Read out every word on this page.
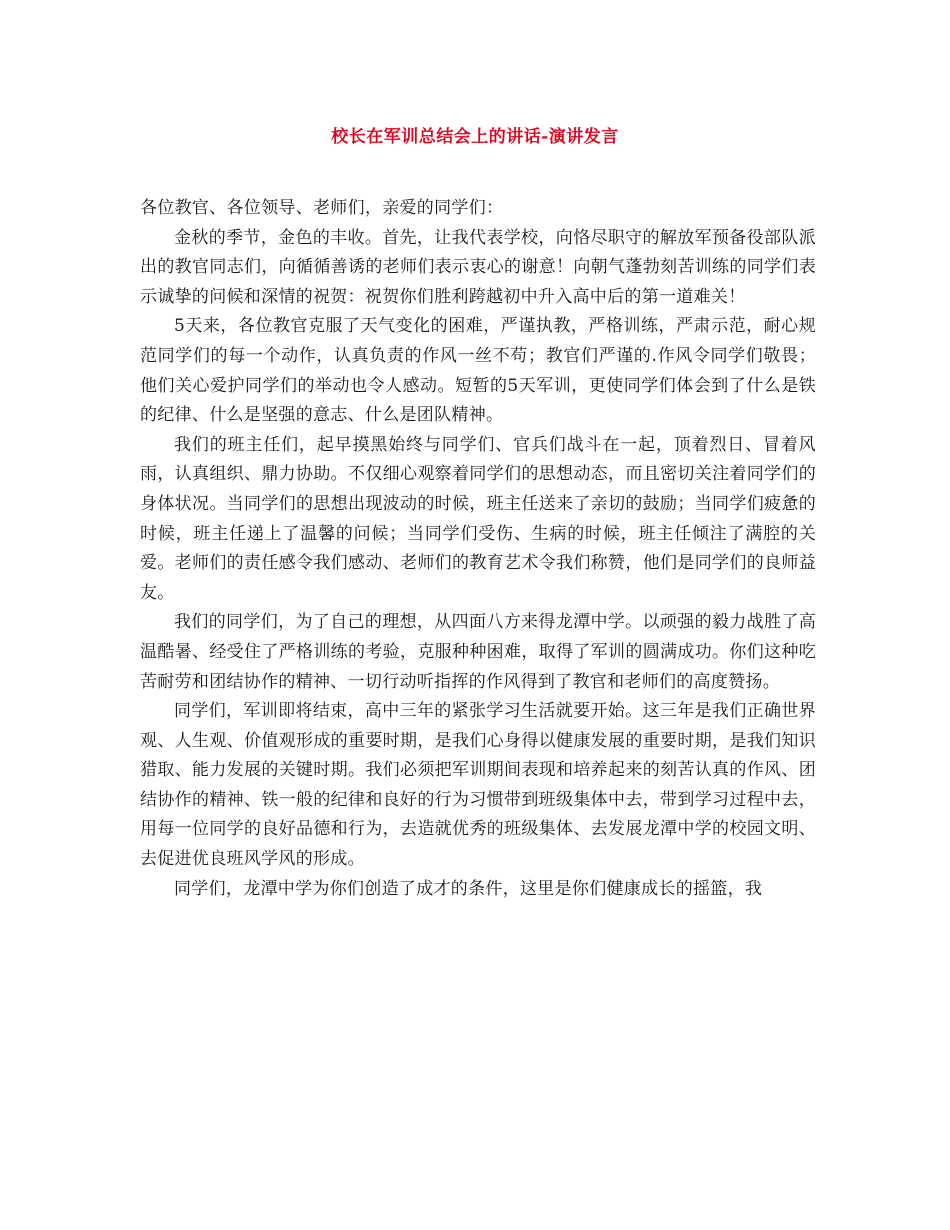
校长在军训总结会上的讲话-演讲发言

各位教官、各位领导、老师们，亲爱的同学们：

金秋的季节，金色的丰收。首先，让我代表学校，向恪尽职守的解放军预备役部队派出的教官同志们，向循循善诱的老师们表示衷心的谢意！向朝气蓬勃刻苦训练的同学们表示诚挚的问候和深情的祝贺：祝贺你们胜利跨越初中升入高中后的第一道难关！

5天来，各位教官克服了天气变化的困难，严谨执教，严格训练，严肃示范，耐心规范同学们的每一个动作，认真负责的作风一丝不苟；教官们严谨的.作风令同学们敬畏；他们关心爱护同学们的举动也令人感动。短暂的5天军训，更使同学们体会到了什么是铁的纪律、什么是坚强的意志、什么是团队精神。

我们的班主任们，起早摸黑始终与同学们、官兵们战斗在一起，顶着烈日、冒着风雨，认真组织、鼎力协助。不仅细心观察着同学们的思想动态，而且密切关注着同学们的身体状况。当同学们的思想出现波动的时候，班主任送来了亲切的鼓励；当同学们疲惫的时候，班主任递上了温馨的问候；当同学们受伤、生病的时候，班主任倾注了满腔的关爱。老师们的责任感令我们感动、老师们的教育艺术令我们称赞，他们是同学们的良师益友。

我们的同学们，为了自己的理想，从四面八方来得龙潭中学。以顽强的毅力战胜了高温酷暑、经受住了严格训练的考验，克服种种困难，取得了军训的圆满成功。你们这种吃苦耐劳和团结协作的精神、一切行动听指挥的作风得到了教官和老师们的高度赞扬。

同学们，军训即将结束，高中三年的紧张学习生活就要开始。这三年是我们正确世界观、人生观、价值观形成的重要时期，是我们心身得以健康发展的重要时期，是我们知识猎取、能力发展的关键时期。我们必须把军训期间表现和培养起来的刻苦认真的作风、团结协作的精神、铁一般的纪律和良好的行为习惯带到班级集体中去，带到学习过程中去，用每一位同学的良好品德和行为，去造就优秀的班级集体、去发展龙潭中学的校园文明、去促进优良班风学风的形成。

同学们，龙潭中学为你们创造了成才的条件，这里是你们健康成长的摇篮，我
